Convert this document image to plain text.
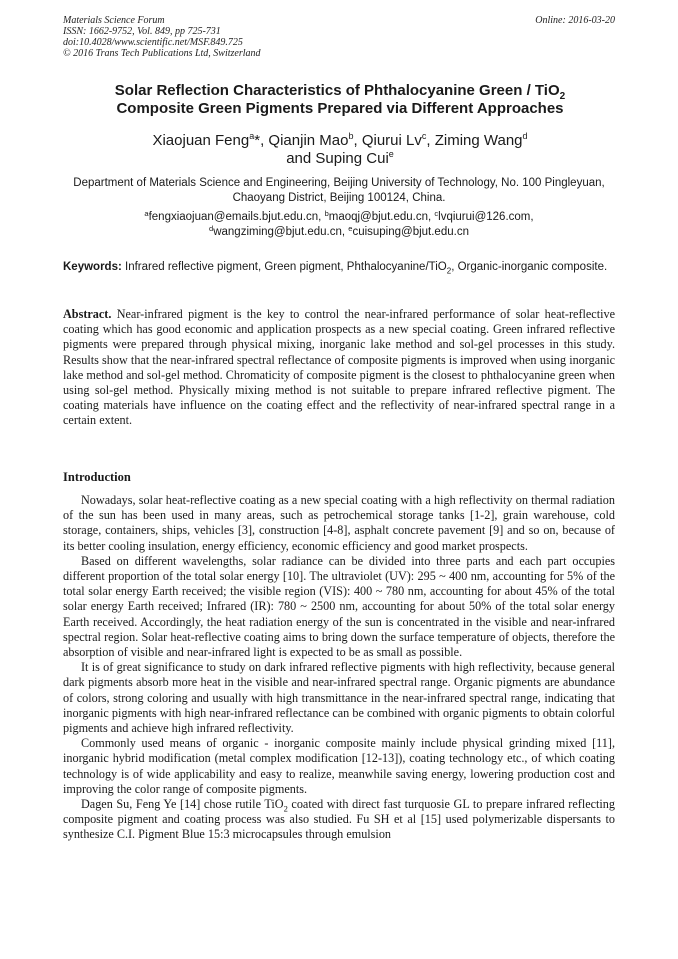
Materials Science Forum
ISSN: 1662-9752, Vol. 849, pp 725-731
doi:10.4028/www.scientific.net/MSF.849.725
© 2016 Trans Tech Publications Ltd, Switzerland
Online: 2016-03-20
Solar Reflection Characteristics of Phthalocyanine Green / TiO$_2$
Composite Green Pigments Prepared via Different Approaches
Xiaojuan Feng$^a$*, Qianjin Mao$^b$, Qiurui Lv$^c$, Ziming Wang$^d$
and Suping Cui$^e$
Department of Materials Science and Engineering, Beijing University of Technology, No. 100 Pingleyuan, Chaoyang District, Beijing 100124, China.
$^a$fengxiaojuan@emails.bjut.edu.cn, $^b$maoqj@bjut.edu.cn, $^c$lvqiurui@126.com,
$^d$wangziming@bjut.edu.cn, $^e$cuisuping@bjut.edu.cn
Keywords: Infrared reflective pigment, Green pigment, Phthalocyanine/TiO$_2$, Organic-inorganic composite.
Abstract. Near-infrared pigment is the key to control the near-infrared performance of solar heat-reflective coating which has good economic and application prospects as a new special coating. Green infrared reflective pigments were prepared through physical mixing, inorganic lake method and sol-gel processes in this study. Results show that the near-infrared spectral reflectance of composite pigments is improved when using inorganic lake method and sol-gel method. Chromaticity of composite pigment is the closest to phthalocyanine green when using sol-gel method. Physically mixing method is not suitable to prepare infrared reflective pigment. The coating materials have influence on the coating effect and the reflectivity of near-infrared spectral range in a certain extent.
Introduction

Nowadays, solar heat-reflective coating as a new special coating with a high reflectivity on thermal radiation of the sun has been used in many areas, such as petrochemical storage tanks [1-2], grain warehouse, cold storage, containers, ships, vehicles [3], construction [4-8], asphalt concrete pavement [9] and so on, because of its better cooling insulation, energy efficiency, economic efficiency and good market prospects.

Based on different wavelengths, solar radiance can be divided into three parts and each part occupies different proportion of the total solar energy [10]. The ultraviolet (UV): 295 ~ 400 nm, accounting for 5% of the total solar energy Earth received; the visible region (VIS): 400 ~ 780 nm, accounting for about 45% of the total solar energy Earth received; Infrared (IR): 780 ~ 2500 nm, accounting for about 50% of the total solar energy Earth received. Accordingly, the heat radiation energy of the sun is concentrated in the visible and near-infrared spectral region. Solar heat-reflective coating aims to bring down the surface temperature of objects, therefore the absorption of visible and near-infrared light is expected to be as small as possible.

It is of great significance to study on dark infrared reflective pigments with high reflectivity, because general dark pigments absorb more heat in the visible and near-infrared spectral range. Organic pigments are abundance of colors, strong coloring and usually with high transmittance in the near-infrared spectral range, indicating that inorganic pigments with high near-infrared reflectance can be combined with organic pigments to obtain colorful pigments and achieve high infrared reflectivity.

Commonly used means of organic - inorganic composite mainly include physical grinding mixed [11], inorganic hybrid modification (metal complex modification [12-13]), coating technology etc., of which coating technology is of wide applicability and easy to realize, meanwhile saving energy, lowering production cost and improving the color range of composite pigments.

Dagen Su, Feng Ye [14] chose rutile TiO$_2$ coated with direct fast turquosie GL to prepare infrared reflecting composite pigment and coating process was also studied. Fu SH et al [15] used polymerizable dispersants to synthesize C.I. Pigment Blue 15:3 microcapsules through emulsion
